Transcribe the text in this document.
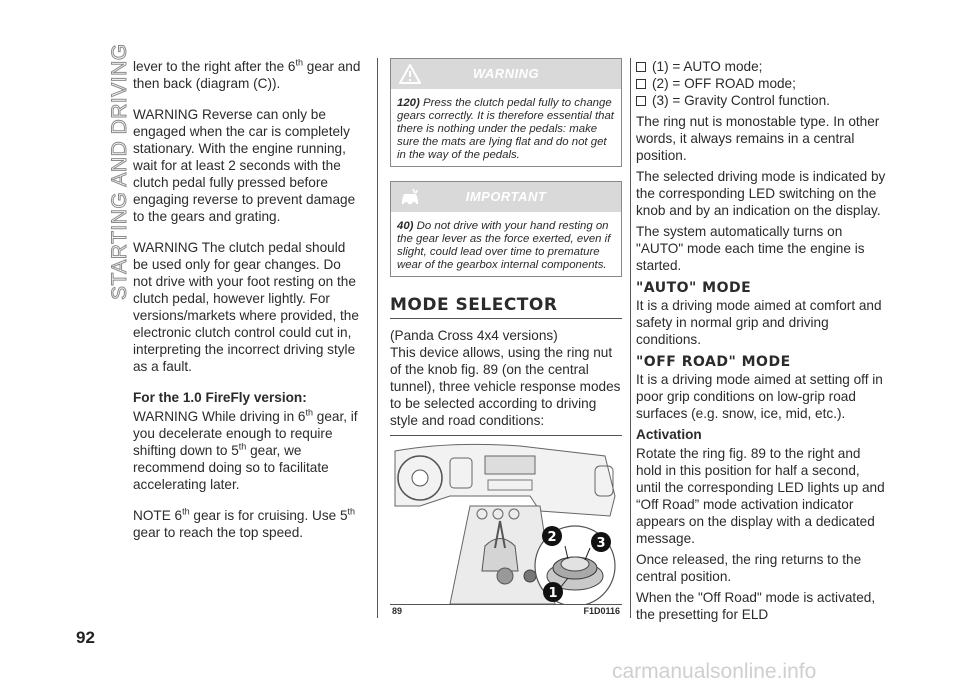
STARTING AND DRIVING lever to the right after the 6th gear and then back (diagram (C)).

WARNING Reverse can only be engaged when the car is completely stationary. With the engine running, wait for at least 2 seconds with the clutch pedal fully pressed before engaging reverse to prevent damage to the gears and grating.

WARNING The clutch pedal should be used only for gear changes. Do not drive with your foot resting on the clutch pedal, however lightly. For versions/markets where provided, the electronic clutch control could cut in, interpreting the incorrect driving style as a fault.

For the 1.0 FireFly version:

WARNING While driving in 6th gear, if you decelerate enough to require shifting down to 5th gear, we recommend doing so to facilitate accelerating later.

NOTE 6th gear is for cruising. Use 5th gear to reach the top speed.

WARNING
120) Press the clutch pedal fully to change gears correctly. It is therefore essential that there is nothing under the pedals: make sure the mats are lying flat and do not get in the way of the pedals.
IMPORTANT
40) Do not drive with your hand resting on the gear lever as the force exerted, even if slight, could lead over time to premature wear of the gearbox internal components.
MODE SELECTOR

(Panda Cross 4x4 versions)

This device allows, using the ring nut of the knob fig. 89 (on the central tunnel), three vehicle response modes to be selected according to driving style and road conditions:

1
2	3
89	F1D0116
(1) = AUTO mode;
(2) = OFF ROAD mode;
(3) = Gravity Control function.

The ring nut is monostable type. In other words, it always remains in a central position.

The selected driving mode is indicated by the corresponding LED switching on the knob and by an indication on the display.

The system automatically turns on "AUTO" mode each time the engine is started.

"AUTO" MODE

It is a driving mode aimed at comfort and safety in normal grip and driving conditions.

"OFF ROAD" MODE

It is a driving mode aimed at setting off in poor grip conditions on low-grip road surfaces (e.g. snow, ice, mid, etc.).

Activation

Rotate the ring fig. 89 to the right and hold in this position for half a second, until the corresponding LED lights up and “Off Road” mode activation indicator appears on the display with a dedicated message.

Once released, the ring returns to the central position.

When the "Off Road" mode is activated, the presetting for ELD

92
carmanualsonline.info
